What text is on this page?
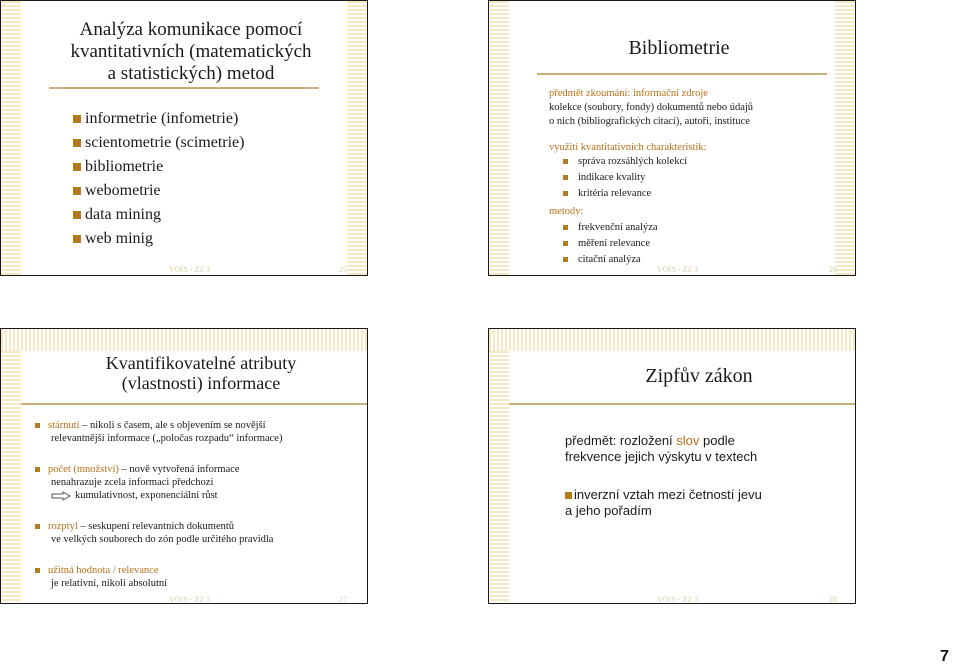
Analýza komunikace pomocí
kvantitativních (matematických
a statistických) metod
informetrie (infometrie)
scientometrie (scimetrie)
bibliometrie
webometrie
data mining
web minig
VOIS - ZZ 3	25
Bibliometrie
předmět zkoumání: informační zdroje
kolekce (soubory, fondy) dokumentů nebo údajů
o nich (bibliografických citací), autoři, instituce
využití kvantitativních charakteristik:
správa rozsáhlých kolekcí
indikace kvality
kritéria relevance
metody:
frekvenční analýza
měření relevance
citační analýza
VOIS - ZZ 3	26
Kvantifikovatelné atributy
(vlastnosti) informace
stárnutí – nikoli s časem, ale s objevením se novější
relevantnější informace („poločas rozpadu“ informace)
počet (množství) – nově vytvořená informace
nenahrazuje zcela informaci předchozí
kumulativnost, exponenciální růst
rozptyl – seskupení relevantních dokumentů
ve velkých souborech do zón podle určitého pravidla
užitná hodnota / relevance
je relativní, nikoli absolutní
VOIS - ZZ 3	27
Zipfův zákon
předmět: rozložení slov podle
frekvence jejich výskytu v textech
inverzní vztah mezi četností jevu
a jeho pořadím
VOIS - ZZ 3	28
7
